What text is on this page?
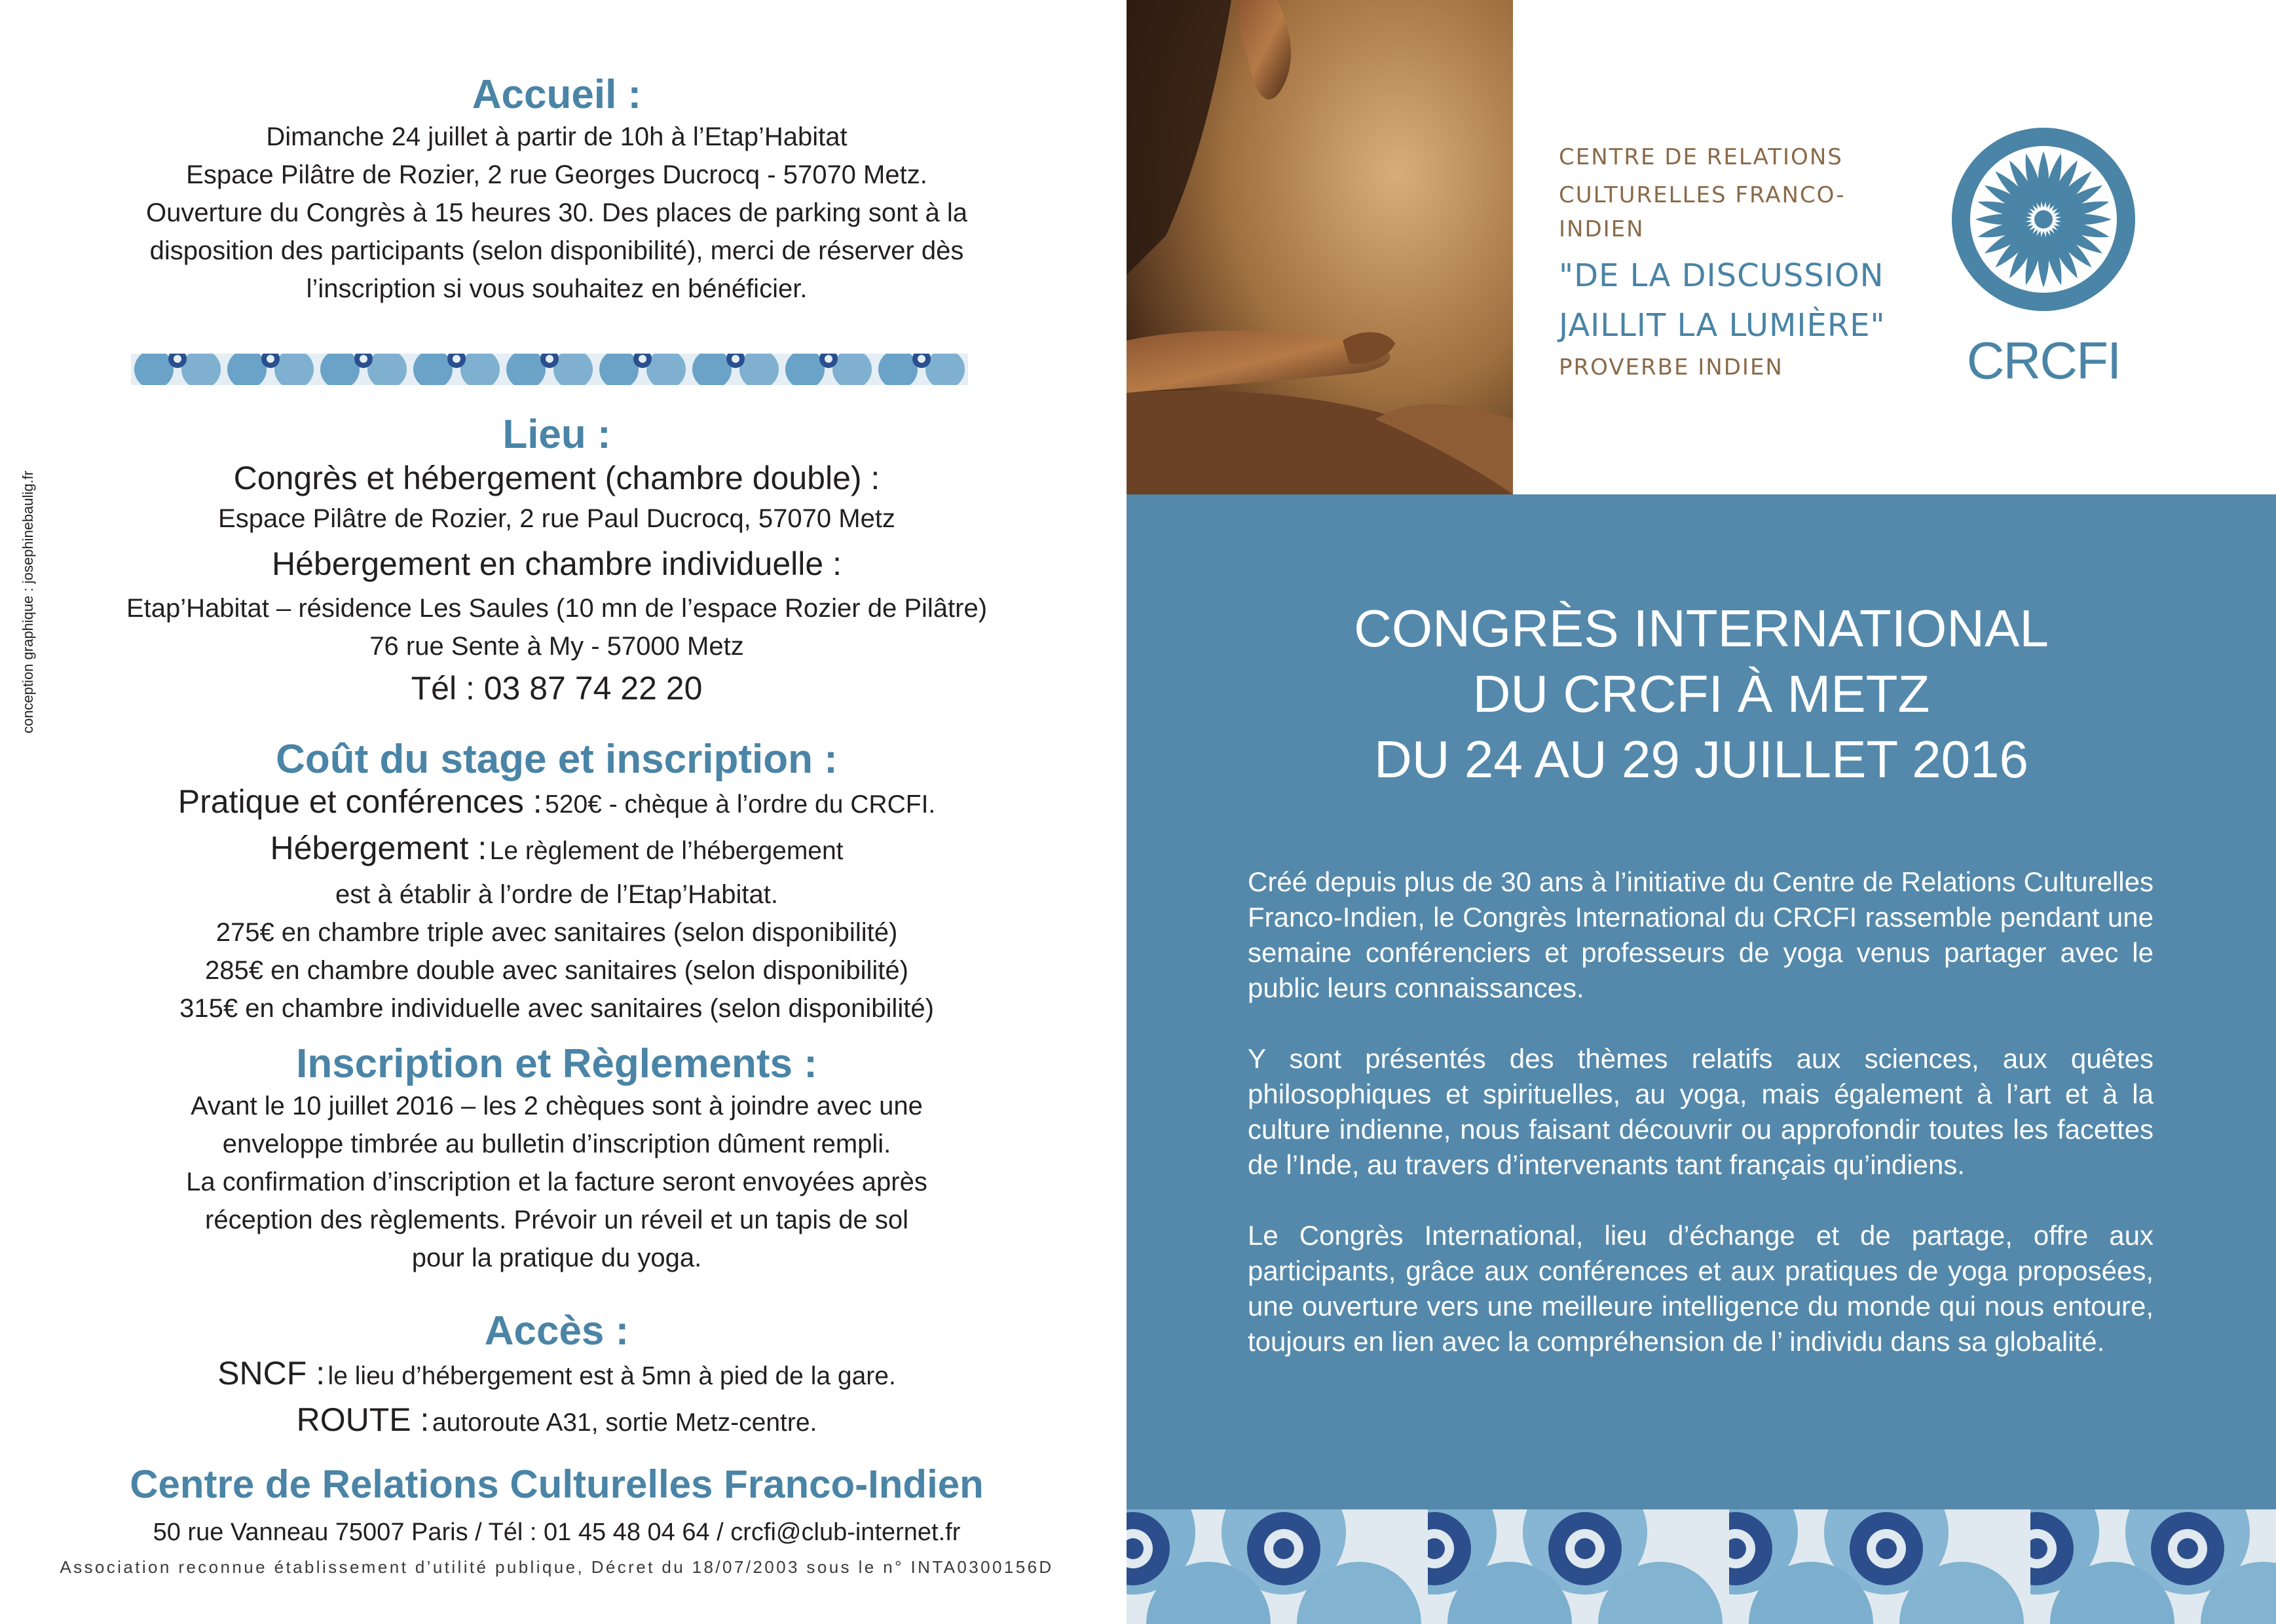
conception graphique : josephinebaulig.fr
Accueil :
Dimanche 24 juillet à partir de 10h à l’Etap’Habitat
Espace Pilâtre de Rozier, 2 rue Georges Ducrocq - 57070 Metz.
Ouverture du Congrès à 15 heures 30. Des places de parking sont à la
disposition des participants (selon disponibilité), merci de réserver dès
l’inscription si vous souhaitez en bénéficier.
Lieu :
Congrès et hébergement (chambre double) :
Espace Pilâtre de Rozier, 2 rue Paul Ducrocq, 57070 Metz
Hébergement en chambre individuelle :
Etap’Habitat – résidence Les Saules (10 mn de l’espace Rozier de Pilâtre)
76 rue Sente à My - 57000 Metz
Tél : 03 87 74 22 20
Coût du stage et inscription :
Pratique et conférences : 520€ - chèque à l’ordre du CRCFI.
Hébergement : Le règlement de l’hébergement
est à établir à l’ordre de l’Etap’Habitat.
275€ en chambre triple avec sanitaires (selon disponibilité)
285€ en chambre double avec sanitaires (selon disponibilité)
315€ en chambre individuelle avec sanitaires (selon disponibilité)
Inscription et Règlements :
Avant le 10 juillet 2016 – les 2 chèques sont à joindre avec une
enveloppe timbrée au bulletin d’inscription dûment rempli.
La confirmation d’inscription et la facture seront envoyées après
réception des règlements. Prévoir un réveil et un tapis de sol
pour la pratique du yoga.
Accès :
SNCF : le lieu d’hébergement est à 5mn à pied de la gare.
ROUTE : autoroute A31, sortie Metz-centre.
Centre de Relations Culturelles Franco-Indien
50 rue Vanneau 75007 Paris / Tél : 01 45 48 04 64 / crcfi@club-internet.fr
Association reconnue établissement d’utilité publique, Décret du 18/07/2003 sous le n° INTA0300156D
CENTRE DE RELATIONS
CULTURELLES FRANCO-INDIEN
"DE LA DISCUSSION
JAILLIT LA LUMIÈRE"
PROVERBE INDIEN	CRCFI
CONGRÈS INTERNATIONAL
DU CRCFI À METZ
DU 24 AU 29 JUILLET 2016

Créé depuis plus de 30 ans à l’initiative du Centre de Relations Culturelles Franco-Indien, le Congrès International du CRCFI rassemble pendant une semaine conférenciers et professeurs de yoga venus partager avec le public leurs connaissances.

Y sont présentés des thèmes relatifs aux sciences, aux quêtes philosophiques et spirituelles, au yoga, mais également à l’art et à la culture indienne, nous faisant découvrir ou approfondir toutes les facettes de l’Inde, au travers d’intervenants tant français qu’indiens.

Le Congrès International, lieu d’échange et de partage, offre aux participants, grâce aux conférences et aux pratiques de yoga proposées, une ouverture vers une meilleure intelligence du monde qui nous entoure, toujours en lien avec la compréhension de l’ individu dans sa globalité.
